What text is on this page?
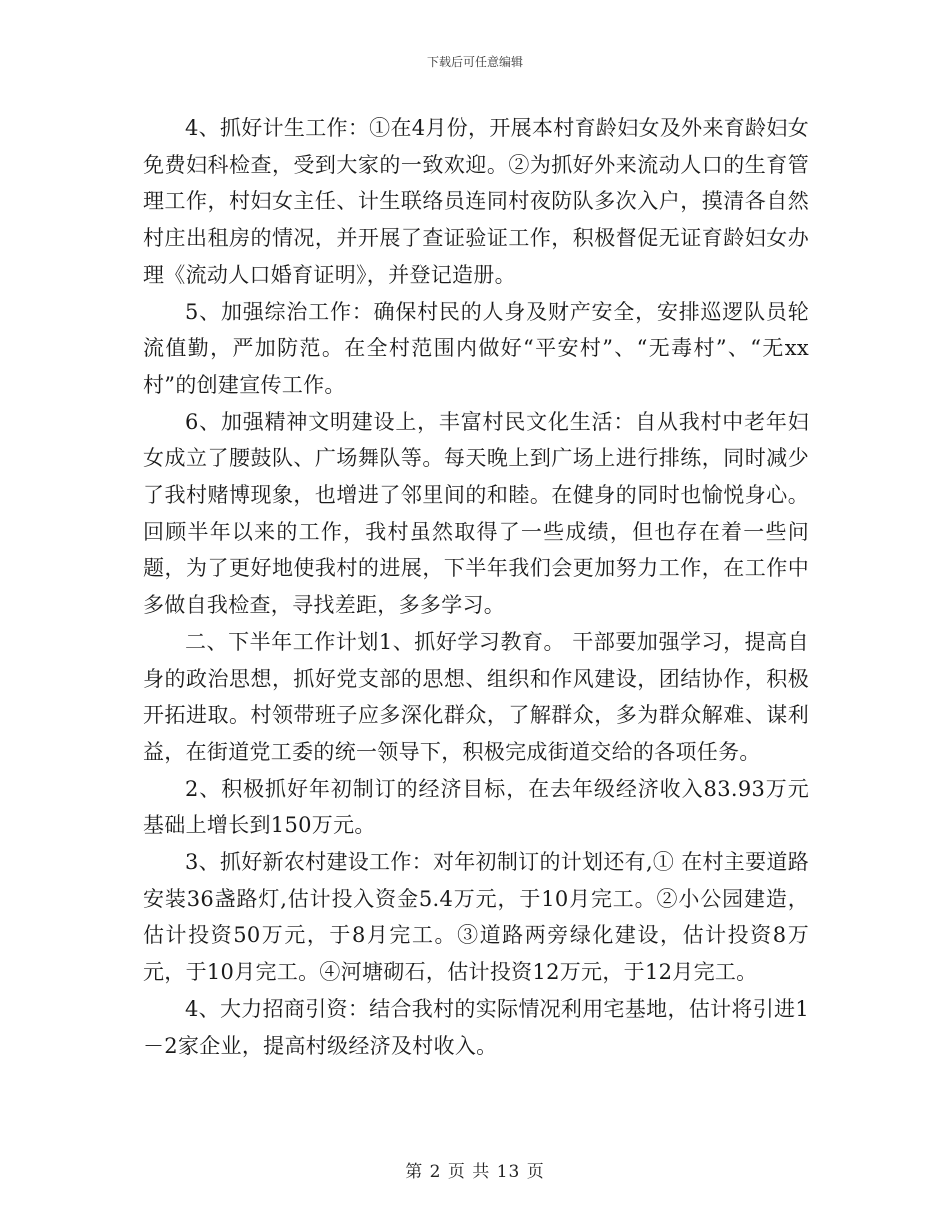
下载后可任意编辑

4、抓好计生工作：①在4月份，开展本村育龄妇女及外来育龄妇女免费妇科检查，受到大家的一致欢迎。②为抓好外来流动人口的生育管理工作，村妇女主任、计生联络员连同村夜防队多次入户，摸清各自然村庄出租房的情况，并开展了查证验证工作，积极督促无证育龄妇女办理《流动人口婚育证明》，并登记造册。

5、加强综治工作：确保村民的人身及财产安全，安排巡逻队员轮流值勤，严加防范。在全村范围内做好“平安村”、“无毒村”、“无xx村”的创建宣传工作。

6、加强精神文明建设上，丰富村民文化生活：自从我村中老年妇女成立了腰鼓队、广场舞队等。每天晚上到广场上进行排练，同时减少了我村赌博现象，也增进了邻里间的和睦。在健身的同时也愉悦身心。回顾半年以来的工作，我村虽然取得了一些成绩，但也存在着一些问题，为了更好地使我村的进展，下半年我们会更加努力工作，在工作中多做自我检查，寻找差距，多多学习。

二、下半年工作计划1、抓好学习教育。 干部要加强学习，提高自身的政治思想，抓好党支部的思想、组织和作风建设，团结协作，积极开拓进取。村领带班子应多深化群众，了解群众，多为群众解难、谋利益，在街道党工委的统一领导下，积极完成街道交给的各项任务。

2、积极抓好年初制订的经济目标，在去年级经济收入83.93万元基础上增长到150万元。

3、抓好新农村建设工作：对年初制订的计划还有,① 在村主要道路安装36盏路灯,估计投入资金5.4万元，于10月完工。②小公园建造，估计投资50万元，于8月完工。③道路两旁绿化建设，估计投资8万元，于10月完工。④河塘砌石，估计投资12万元，于12月完工。

4、大力招商引资：结合我村的实际情况利用宅基地，估计将引进1－2家企业，提高村级经济及村收入。

第 2 页 共 13 页
